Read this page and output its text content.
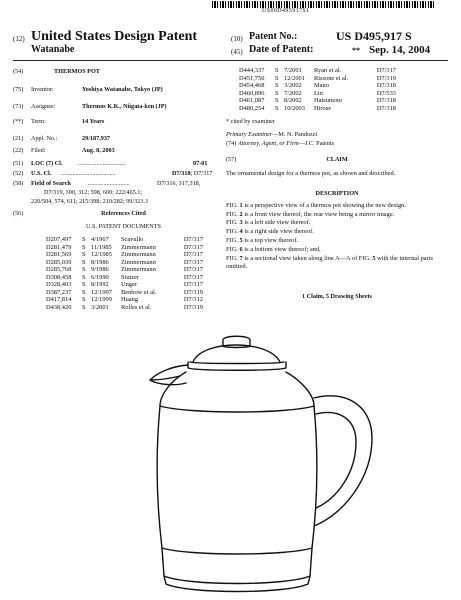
US00D495917S1
(12) United States Design Patent
Watanabe
(10) Patent No.:	US D495,917 S
(45) Date of Patent:	** Sep. 14, 2004
(54)	THERMOS POT
(75) Inventor:	Yoshiya Watanabe, Tokyo (JP)
(73) Assignee:	Thermos K.K., Niigata-ken (JP)
(**) Term:	14 Years
(21) Appl. No.:	29/187,937
(22) Filed:	Aug. 8, 2003
(51) LOC (7) Cl.	...............................	07-01
(52) U.S. Cl. ....................................	D7/318; D7/317
(58) Field of Search	...........................	D7/316, 317,318,
D7/319, 300, 312; 598, 600; 222/465.1;
220/504, 574, 611; 215/398; 210/282; 99/323.3
(56)	References Cited
U.S. PATENT DOCUMENTS
D207,497	S 4/1967	Scavullo	D7/317
D281,479	S 11/1985	Zimmermann	D7/317
D281,569	S 12/1985	Zimmermann	D7/317
D285,039	S 8/1986	Zimmermann	D7/317
D285,768	S 9/1986	Zimmermann	D7/317
D308,458	S 6/1990	Stutzer	D7/317
D328,403	S 8/1992	Unger	D7/317
D387,237	S 12/1997	Benbow et al.	D7/319
D417,814	S 12/1999	Huang	D7/312
D438,420	S 3/2001	Rolles et al.	D7/319
D444,337	S 7/2001	Ryan et al.	D7/317
D451,750	S 12/2001	Rissone et al.	D7/319
D454,468	S 3/2002	Mano	D7/318
D460,896	S 7/2002	Lin	D7/533
D461,087	S 8/2002	Hatsumoto	D7/318
D480,254	S 10/2003	Hirose	D7/318
* cited by examiner
Primary Examiner—M. N. Pandozzi
(74) Attorney, Agent, or Firm—J.C. Patents
(57)	CLAIM
The ornamental design for a thermos pot, as shown and described.
DESCRIPTION
FIG. 1 is a perspective view of a thermos pot showing the new design.
FIG. 2 is a front view thereof, the rear view being a mirror image.
FIG. 3 is a left side view thereof.
FIG. 4 is a right side view thereof.
FIG. 5 is a top view thereof.
FIG. 6 is a bottom view thereof; and,
FIG. 7 is a sectional view taken along line A—A of FIG. 5 with the internal parts omitted.
1 Claim, 5 Drawing Sheets
